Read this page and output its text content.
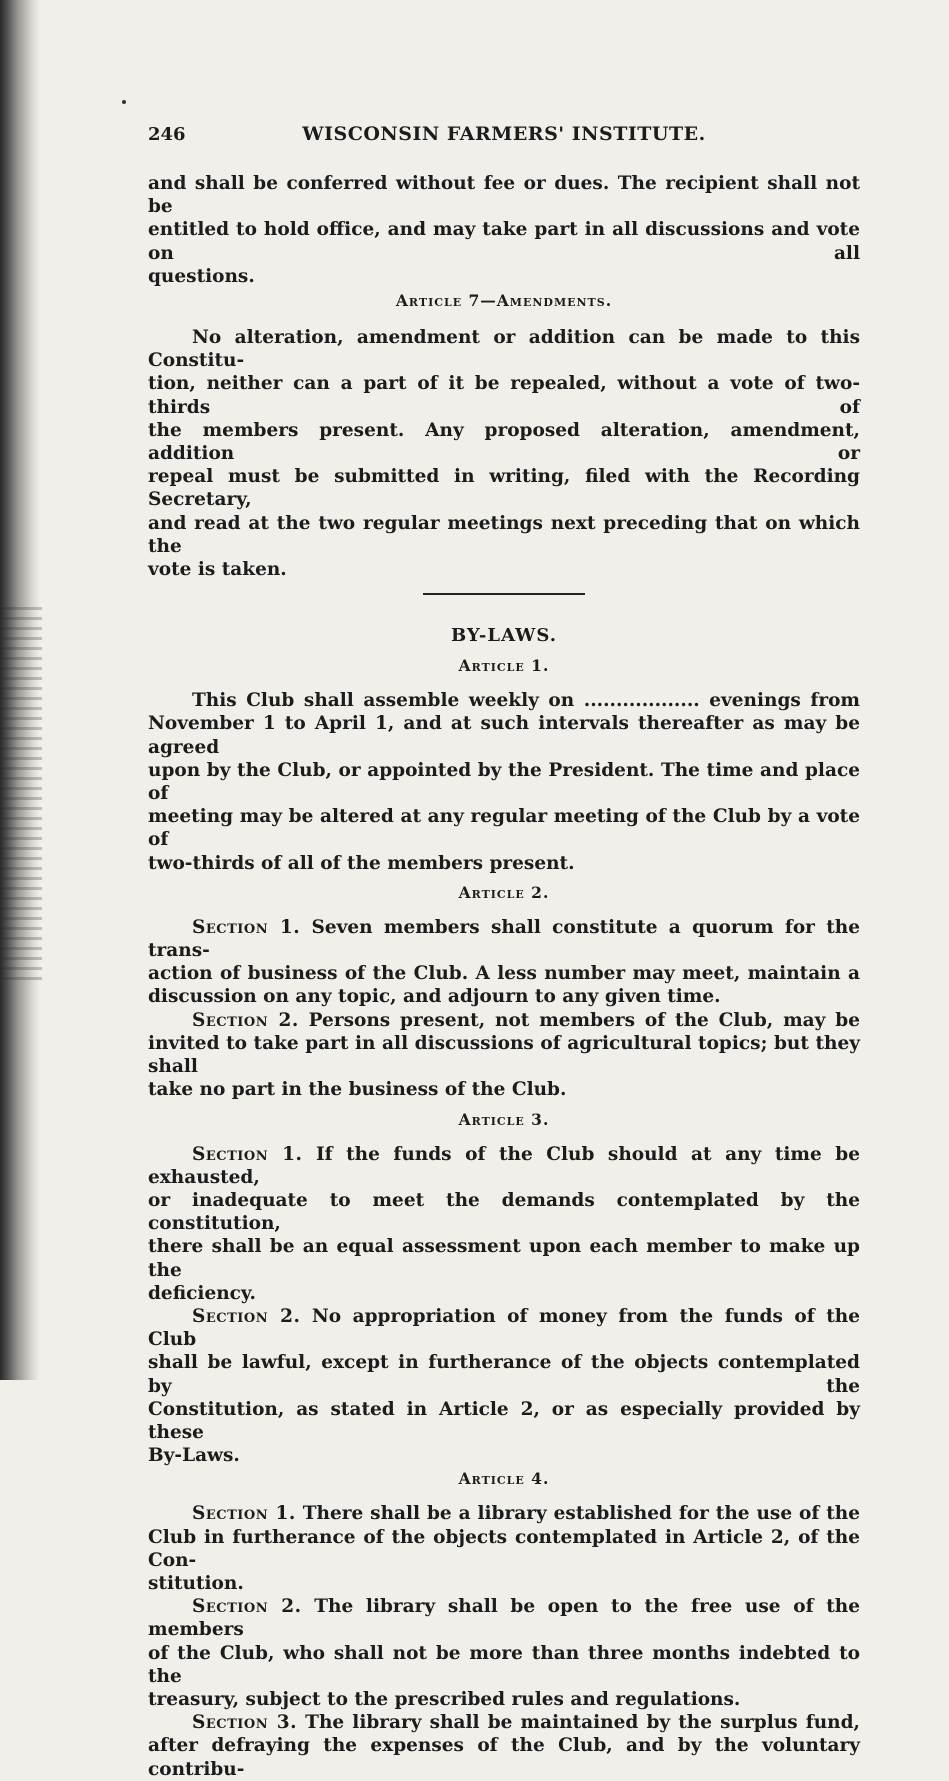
246	WISCONSIN FARMERS' INSTITUTE.

and shall be conferred without fee or dues. The recipient shall not be

entitled to hold office, and may take part in all discussions and vote on all

questions.

Article 7—Amendments.

No alteration, amendment or addition can be made to this Constitu-

tion, neither can a part of it be repealed, without a vote of two-thirds of

the members present. Any proposed alteration, amendment, addition or

repeal must be submitted in writing, filed with the Recording Secretary,

and read at the two regular meetings next preceding that on which the

vote is taken.

BY-LAWS.
Article 1.

This Club shall assemble weekly on .................. evenings from

November 1 to April 1, and at such intervals thereafter as may be agreed

upon by the Club, or appointed by the President. The time and place of

meeting may be altered at any regular meeting of the Club by a vote of

two-thirds of all of the members present.

Article 2.

Section 1. Seven members shall constitute a quorum for the trans-

action of business of the Club. A less number may meet, maintain a

discussion on any topic, and adjourn to any given time.

Section 2. Persons present, not members of the Club, may be

invited to take part in all discussions of agricultural topics; but they shall

take no part in the business of the Club.

Article 3.

Section 1. If the funds of the Club should at any time be exhausted,

or inadequate to meet the demands contemplated by the constitution,

there shall be an equal assessment upon each member to make up the

deficiency.

Section 2. No appropriation of money from the funds of the Club

shall be lawful, except in furtherance of the objects contemplated by the

Constitution, as stated in Article 2, or as especially provided by these

By-Laws.

Article 4.

Section 1. There shall be a library established for the use of the

Club in furtherance of the objects contemplated in Article 2, of the Con-

stitution.

Section 2. The library shall be open to the free use of the members

of the Club, who shall not be more than three months indebted to the

treasury, subject to the prescribed rules and regulations.

Section 3. The library shall be maintained by the surplus fund,

after defraying the expenses of the Club, and by the voluntary contribu-
